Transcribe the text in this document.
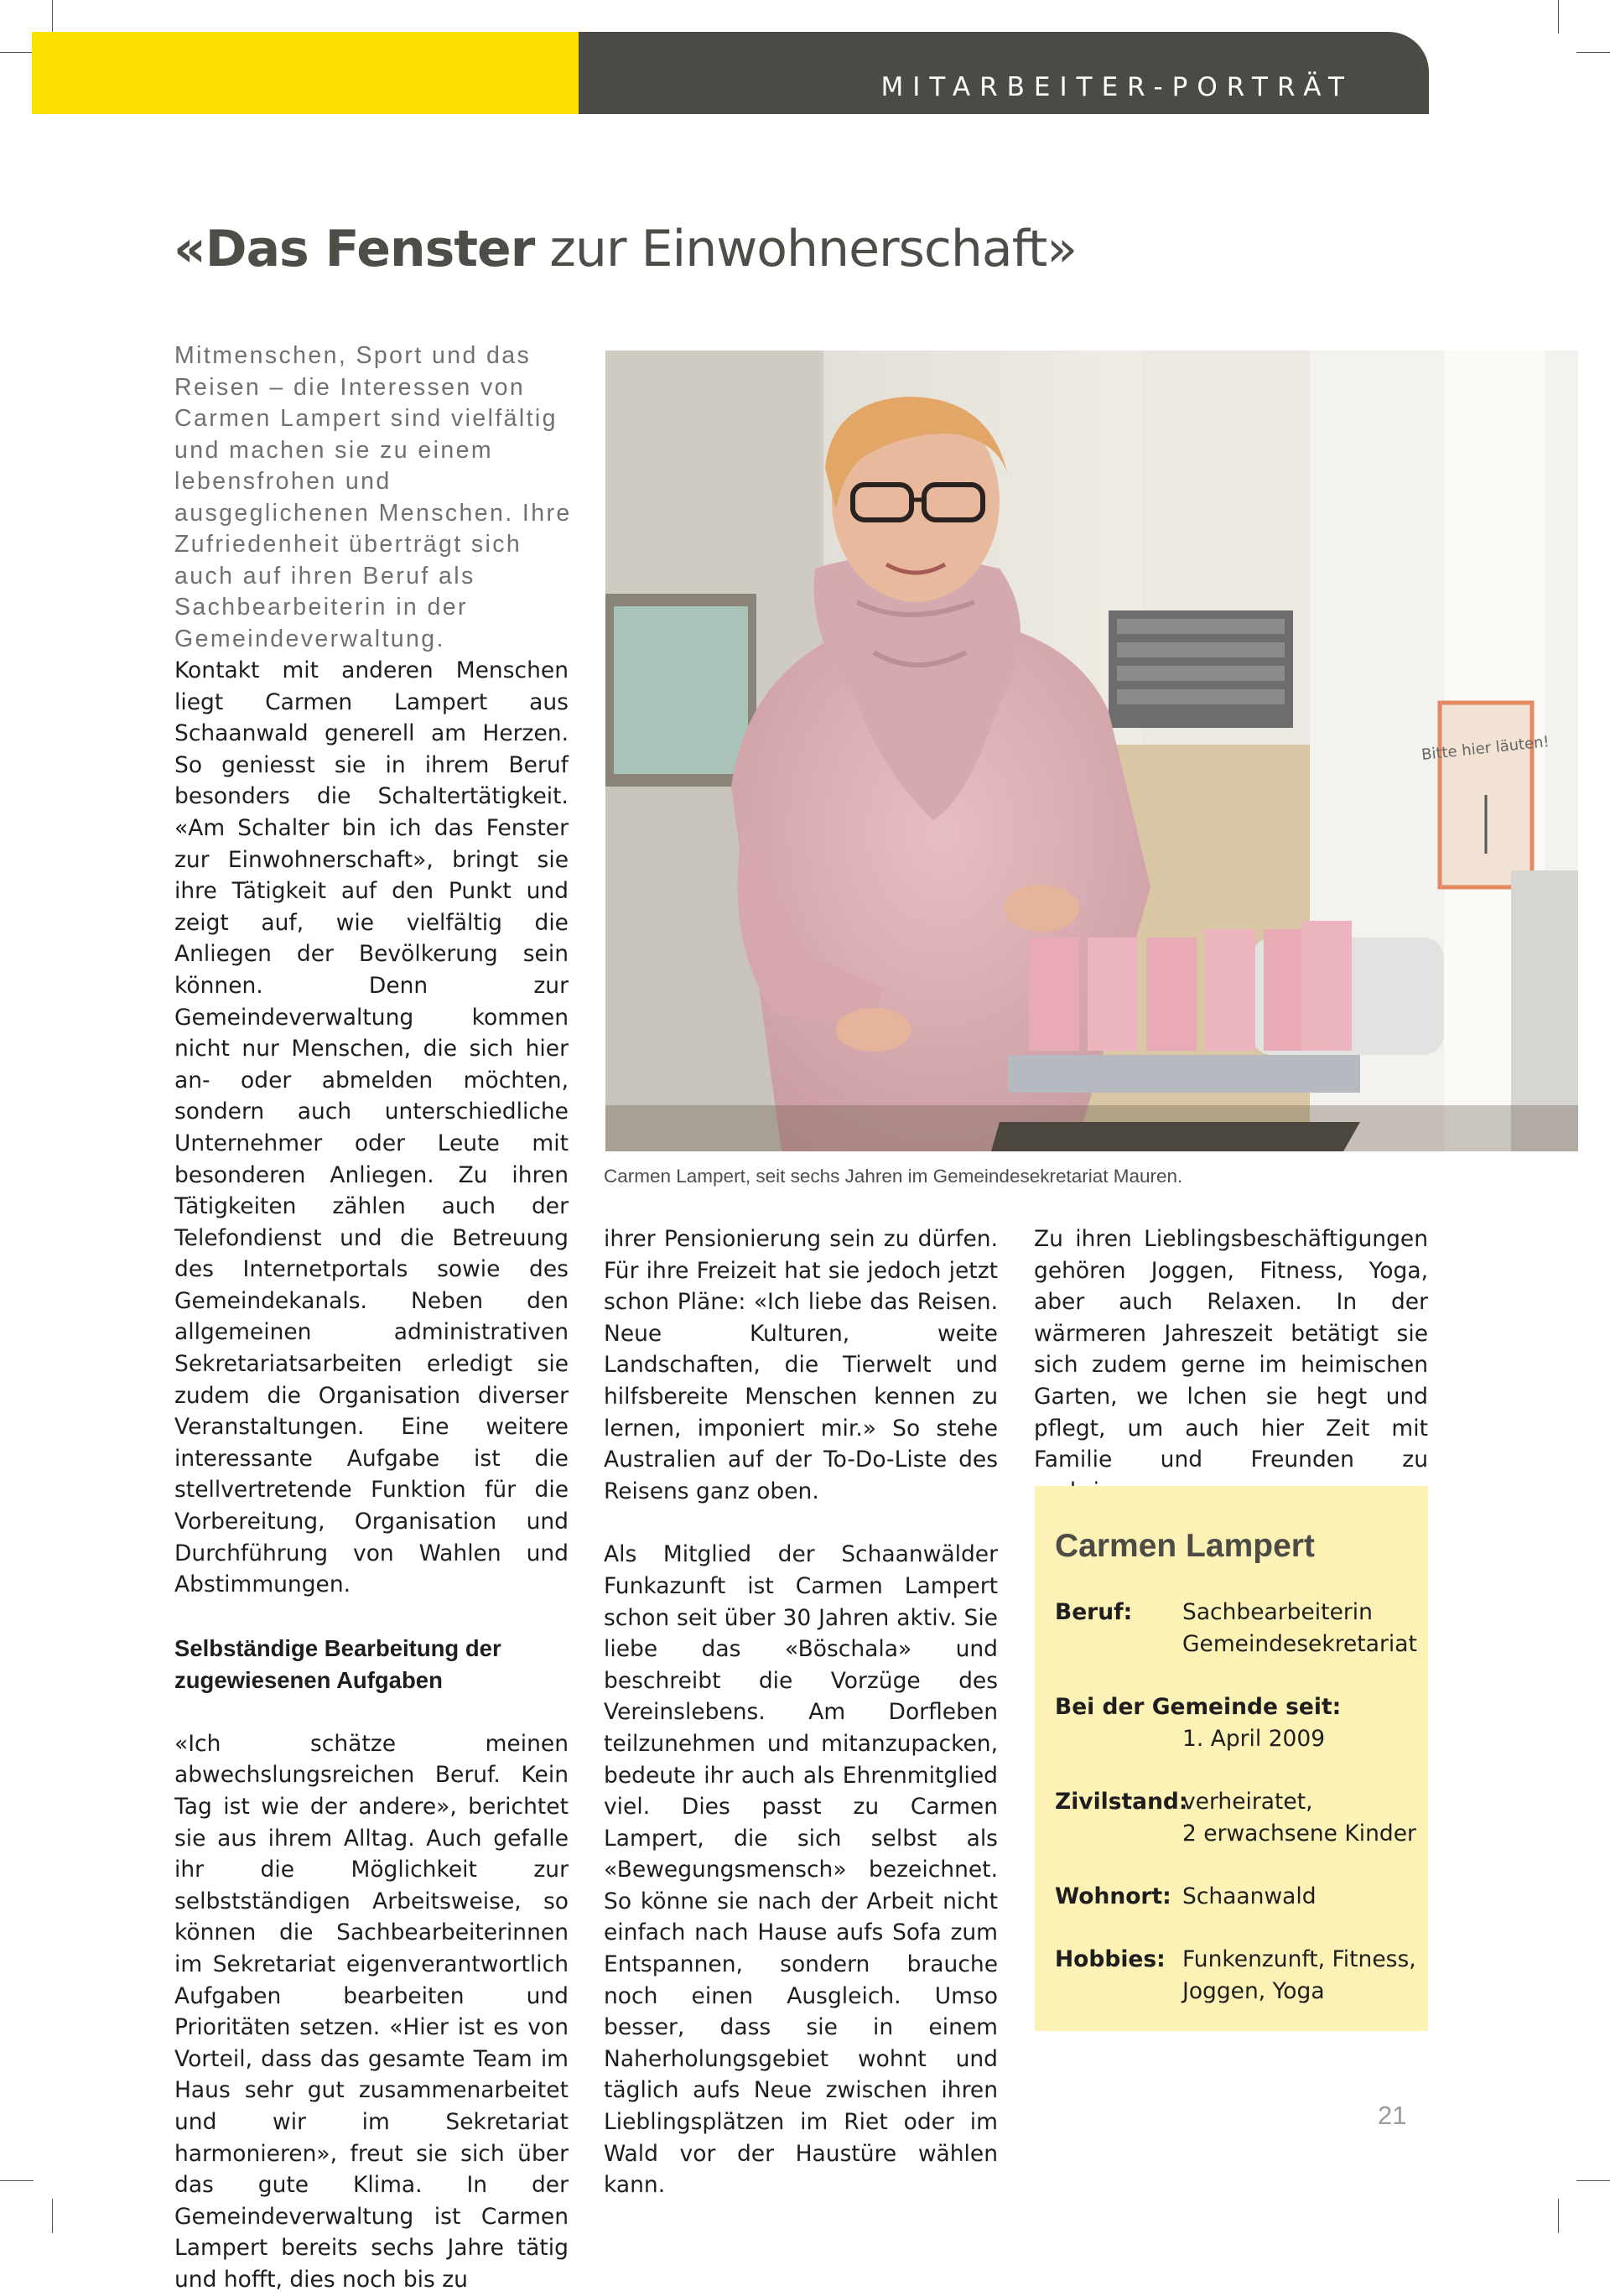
MITARBEITER-PORTRÄT
«Das Fenster zur Einwohnerschaft»
Mitmenschen, Sport und das Reisen – die Interessen von Carmen Lampert sind vielfältig und machen sie zu einem lebensfrohen und ausgeglichenen Menschen. Ihre Zufriedenheit überträgt sich auch auf ihren Beruf als Sachbearbeiterin in der Gemeindeverwaltung.

Kontakt mit anderen Menschen liegt Carmen Lampert aus Schaanwald generell am Herzen. So geniesst sie in ihrem Beruf besonders die Schaltertätigkeit. «Am Schalter bin ich das Fenster zur Einwohnerschaft», bringt sie ihre Tätigkeit auf den Punkt und zeigt auf, wie vielfältig die Anliegen der Bevölkerung sein können. Denn zur Gemeindeverwaltung kommen nicht nur Menschen, die sich hier an- oder abmelden möchten, sondern auch unterschiedliche Unternehmer oder Leute mit besonderen Anliegen. Zu ihren Tätigkeiten zählen auch der Telefondienst und die Betreuung des Internetportals sowie des Gemeindekanals. Neben den allgemeinen administrativen Sekretariatsarbeiten erledigt sie zudem die Organisation diverser Veranstaltungen. Eine weitere interessante Aufgabe ist die stellvertretende Funktion für die Vorbereitung, Organisation und Durchführung von Wahlen und Abstimmungen.

Selbständige Bearbeitung der
zugewiesenen Aufgaben

«Ich schätze meinen abwechslungsreichen Beruf. Kein Tag ist wie der andere», berichtet sie aus ihrem Alltag. Auch gefalle ihr die Möglichkeit zur selbstständigen Arbeitsweise, so können die Sachbearbeiterinnen im Sekretariat eigenverantwortlich Aufgaben bearbeiten und Prioritäten setzen. «Hier ist es von Vorteil, dass das gesamte Team im Haus sehr gut zusammenarbeitet und wir im Sekretariat harmonieren», freut sie sich über das gute Klima. In der Gemeindeverwaltung ist Carmen Lampert bereits sechs Jahre tätig und hofft, dies noch bis zu

Bitte hier läuten!
Carmen Lampert, seit sechs Jahren im Gemeindesekretariat Mauren.

ihrer Pensionierung sein zu dürfen. Für ihre Freizeit hat sie jedoch jetzt schon Pläne: «Ich liebe das Reisen. Neue Kulturen, weite Landschaften, die Tierwelt und hilfsbereite Menschen kennen zu lernen, imponiert mir.» So stehe Australien auf der To-Do-Liste des Reisens ganz oben.

Als Mitglied der Schaanwälder Funkazunft ist Carmen Lampert schon seit über 30 Jahren aktiv. Sie liebe das «Böschala» und beschreibt die Vorzüge des Vereinslebens. Am Dorfleben teilzunehmen und mitanzupacken, bedeute ihr auch als Ehrenmitglied viel. Dies passt zu Carmen Lampert, die sich selbst als «Bewegungsmensch» bezeichnet. So könne sie nach der Arbeit nicht einfach nach Hause aufs Sofa zum Entspannen, sondern brauche noch einen Ausgleich. Umso besser, dass sie in einem Naherholungsgebiet wohnt und täglich aufs Neue zwischen ihren Lieblingsplätzen im Riet oder im Wald vor der Haustüre wählen kann.

Zu ihren Lieblingsbeschäftigungen gehören Joggen, Fitness, Yoga, aber auch Relaxen. In der wärmeren Jahreszeit betätigt sie sich zudem gerne im heimischen Garten, we lchen sie hegt und pflegt, um auch hier Zeit mit Familie und Freunden zu

Carmen Lampert
Beruf: Sachbearbeiterin
Gemeindesekretariat
Bei der Gemeinde seit:
1. April 2009
Zivilstand:
verheiratet,
2 erwachsene Kinder
Wohnort: Schaanwald
Hobbies: Funkenzunft, Fitness,
Joggen, Yoga
21
